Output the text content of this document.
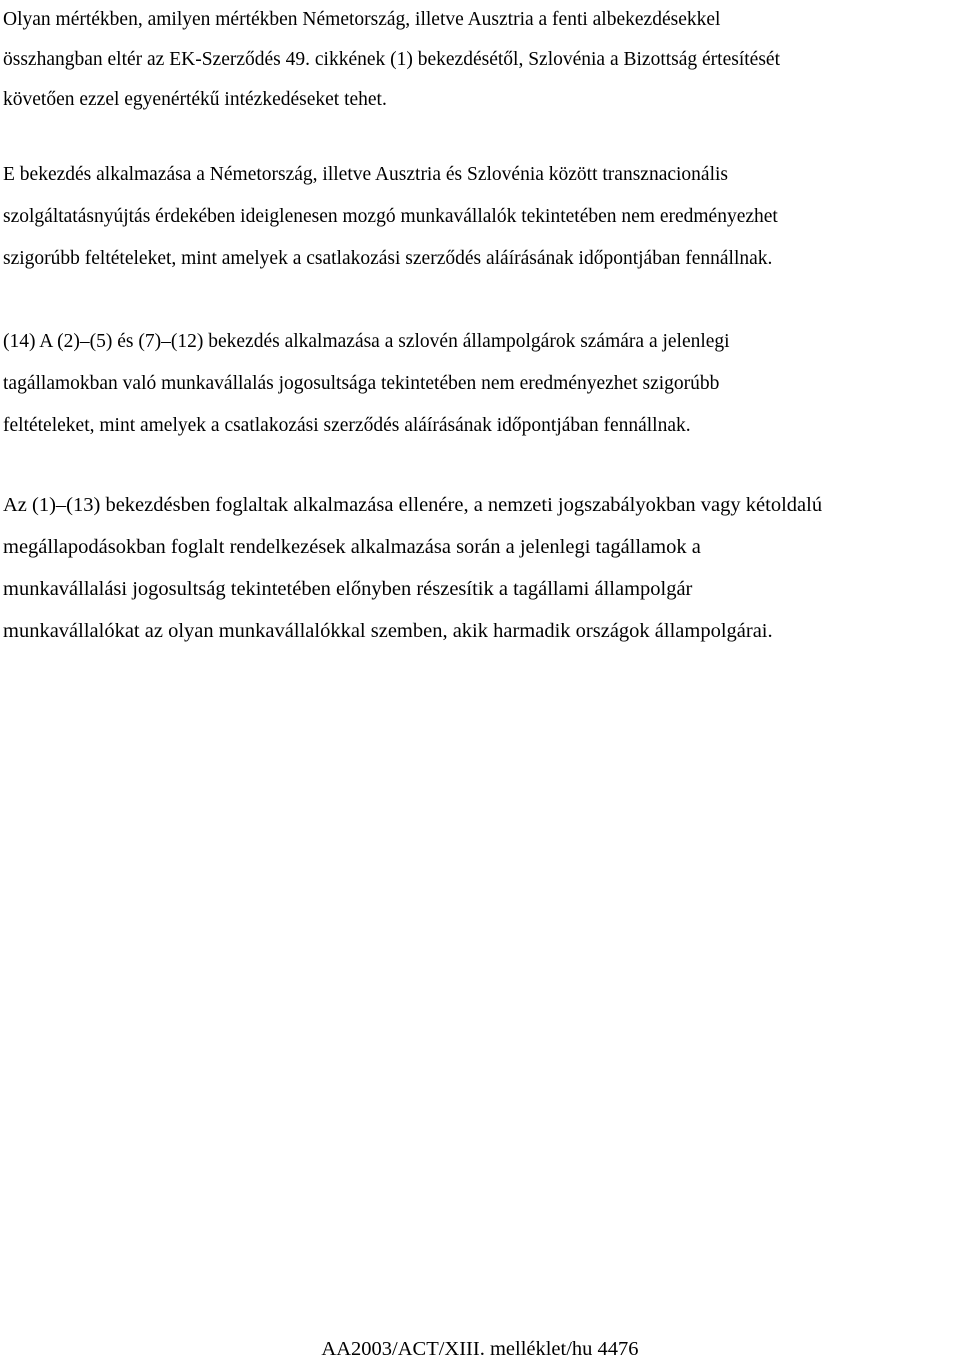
Olyan mértékben, amilyen mértékben Németország, illetve Ausztria a fenti albekezdésekkel
összhangban eltér az EK-Szerződés 49. cikkének (1) bekezdésétől, Szlovénia a Bizottság értesítését
követően ezzel egyenértékű intézkedéseket tehet.

E bekezdés alkalmazása a Németország, illetve Ausztria és Szlovénia között transznacionális
szolgáltatásnyújtás érdekében ideiglenesen mozgó munkavállalók tekintetében nem eredményezhet
szigorúbb feltételeket, mint amelyek a csatlakozási szerződés aláírásának időpontjában fennállnak.

(14) A (2)–(5) és (7)–(12) bekezdés alkalmazása a szlovén állampolgárok számára a jelenlegi
tagállamokban való munkavállalás jogosultsága tekintetében nem eredményezhet szigorúbb
feltételeket, mint amelyek a csatlakozási szerződés aláírásának időpontjában fennállnak.

Az (1)–(13) bekezdésben foglaltak alkalmazása ellenére, a nemzeti jogszabályokban vagy kétoldalú
megállapodásokban foglalt rendelkezések alkalmazása során a jelenlegi tagállamok a
munkavállalási jogosultság tekintetében előnyben részesítik a tagállami állampolgár
munkavállalókat az olyan munkavállalókkal szemben, akik harmadik országok állampolgárai.

AA2003/ACT/XIII. melléklet/hu 4476
